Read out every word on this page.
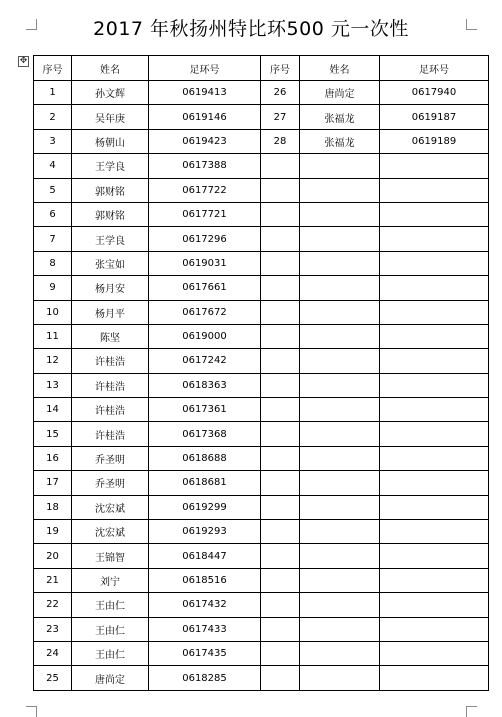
2017 年秋扬州特比环500 元一次性
✥
序号	姓名	足环号	序号	姓名	足环号
1	孙文辉	0619413	26	唐尚定	0617940
2	吴年庚	0619146	27	张福龙	0619187
3	杨朝山	0619423	28	张福龙	0619189
4	王学良	0617388			
5	郭财铭	0617722			
6	郭财铭	0617721			
7	王学良	0617296			
8	张宝如	0619031			
9	杨月安	0617661			
10	杨月平	0617672			
11	陈坚	0619000			
12	许桂浩	0617242			
13	许桂浩	0618363			
14	许桂浩	0617361			
15	许桂浩	0617368			
16	乔圣明	0618688			
17	乔圣明	0618681			
18	沈宏斌	0619299			
19	沈宏斌	0619293			
20	王锦智	0618447			
21	刘宁	0618516			
22	王由仁	0617432			
23	王由仁	0617433			
24	王由仁	0617435			
25	唐尚定	0618285			
